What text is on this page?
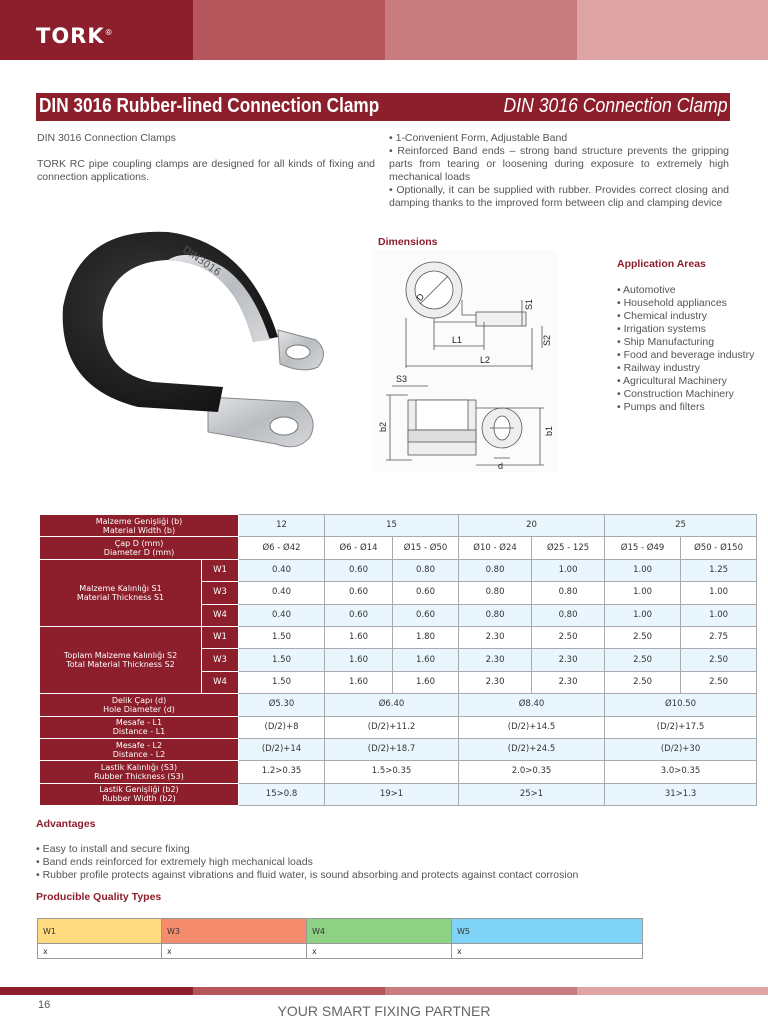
TORK®
DIN 3016 Rubber-lined Connection Clamp	DIN 3016 Connection Clamp
DIN 3016 Connection Clamps
TORK RC pipe coupling clamps are designed for all kinds of fixing and connection applications.
• 1-Convenient Form, Adjustable Band
• Reinforced Band ends – strong band structure prevents the gripping parts from tearing or loosening during exposure to extremely high mechanical loads
• Optionally, it can be supplied with rubber. Provides correct closing and damping thanks to the improved form between clip and clamping device
DIN3016
Dimensions
D
S1
S2
L1
L2
S3
b2	b1
d
Application Areas
• Automotive
• Household appliances
• Chemical industry
• Irrigation systems
• Ship Manufacturing
• Food and beverage industry
• Railway industry
• Agricultural Machinery
• Construction Machinery
• Pumps and filters
Malzeme Genişliği (b)
Material Width (b)		12	15		20		25	

Çap D (mm)
Diameter D (mm)		Ø6 - Ø42	Ø6 - Ø14	Ø15 - Ø50	Ø10 - Ø24	Ø25 - 125	Ø15 - Ø49	Ø50 - Ø150

Malzeme Kalınlığı S1
Material Thickness S1	W1	0.40	0.60	0.80	0.80	1.00	1.00	1.25
	W3	0.40	0.60	0.60	0.80	0.80	1.00	1.00
	W4	0.40	0.60	0.60	0.80	0.80	1.00	1.00

Toplam Malzeme Kalınlığı S2
Total Material Thickness S2	W1	1.50	1.60	1.80	2.30	2.50	2.50	2.75
	W3	1.50	1.60	1.60	2.30	2.30	2.50	2.50
	W4	1.50	1.60	1.60	2.30	2.30	2.50	2.50

Delik Çapı (d)
Hole Diameter (d)		Ø5.30	Ø6.40		Ø8.40		Ø10.50	

Mesafe - L1
Distance - L1		(D/2)+8	(D/2)+11.2		(D/2)+14.5		(D/2)+17.5	

Mesafe - L2
Distance - L2		(D/2)+14	(D/2)+18.7		(D/2)+24.5		(D/2)+30	

Lastik Kalınlığı (S3)
Rubber Thickness (S3)		1.2>0.35	1.5>0.35		2.0>0.35		3.0>0.35	

Lastik Genişliği (b2)
Rubber Width (b2)		15>0.8	19>1		25>1		31>1.3	
Advantages
• Easy to install and secure fixing
• Band ends reinforced for extremely high mechanical loads
• Rubber profile protects against vibrations and fluid water, is sound absorbing and protects against contact corrosion
Producible Quality Types
W1	W3	W4	W5
x	x	x	x
16	YOUR SMART FIXING PARTNER
